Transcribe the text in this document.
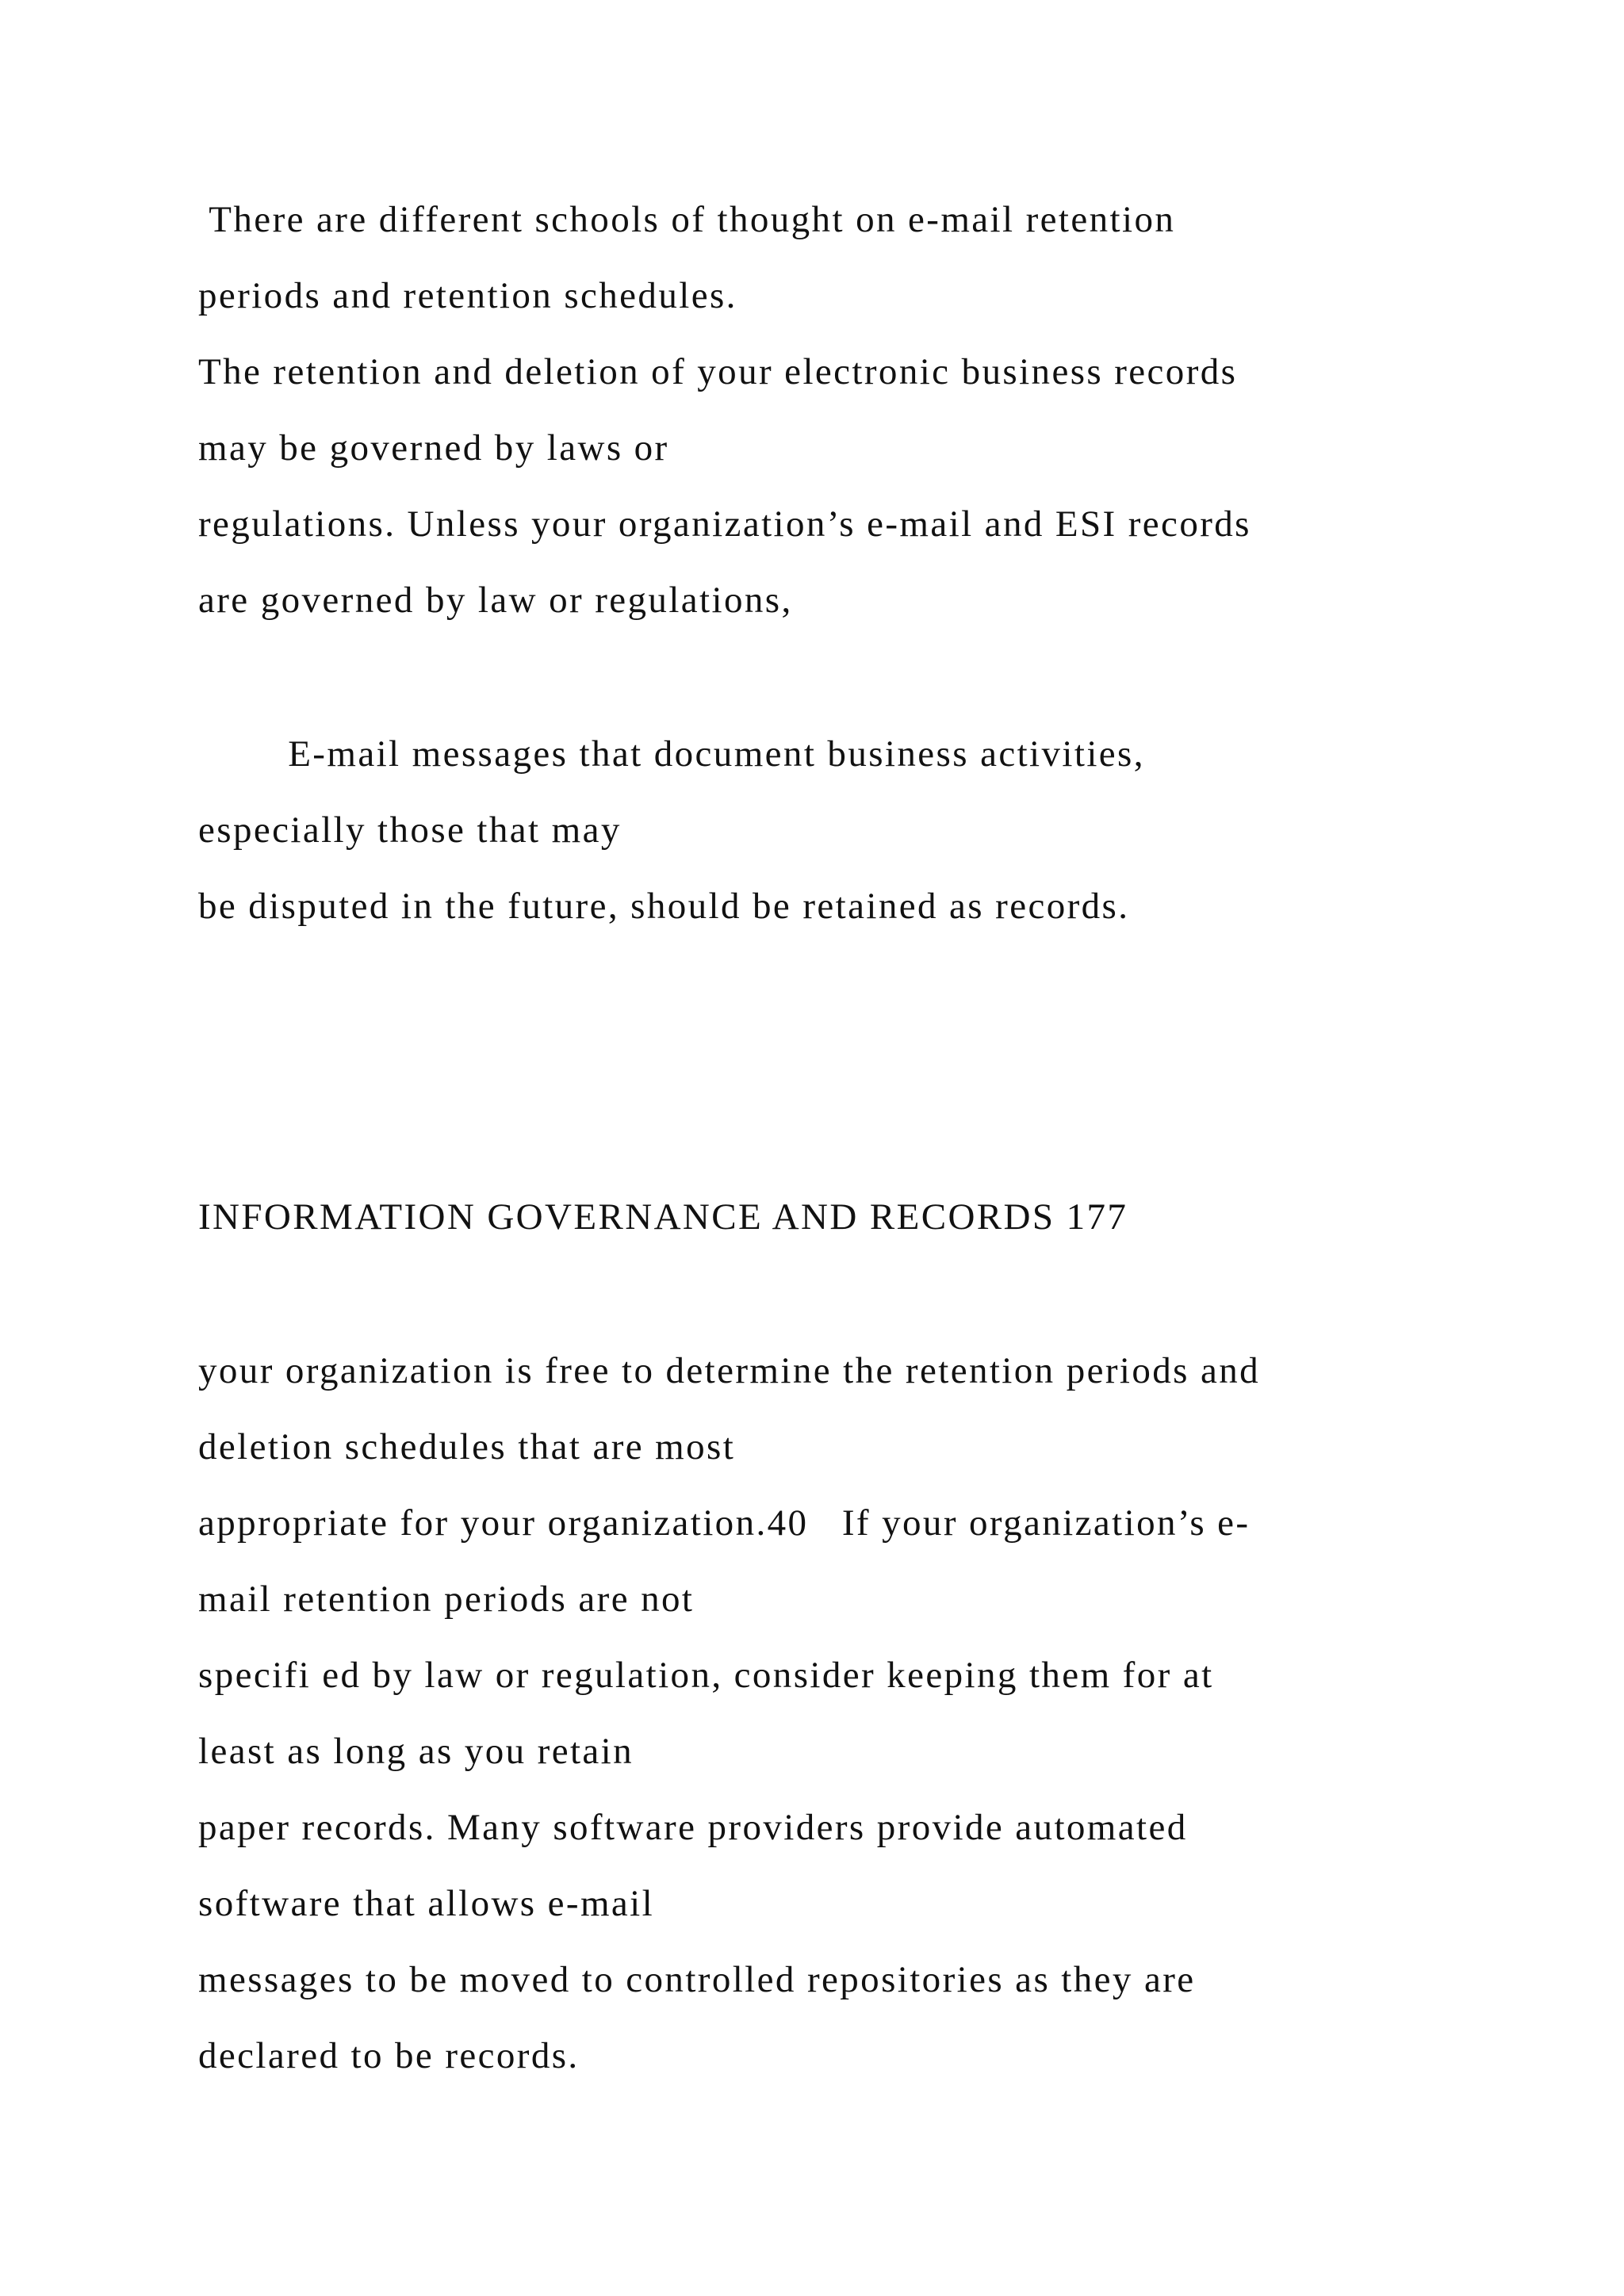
There are different schools of thought on e-mail retention

periods and retention schedules.

The retention and deletion of your electronic business records

may be governed by laws or

regulations. Unless your organization’s e-mail and ESI records

are governed by law or regulations,

E-mail messages that document business activities,

especially those that may

be disputed in the future, should be retained as records.

INFORMATION GOVERNANCE AND RECORDS 177

your organization is free to determine the retention periods and

deletion schedules that are most

appropriate for your organization.40   If your organization’s e-

mail retention periods are not

specifi ed by law or regulation, consider keeping them for at

least as long as you retain

paper records. Many software providers provide automated

software that allows e-mail

messages to be moved to controlled repositories as they are

declared to be records.
